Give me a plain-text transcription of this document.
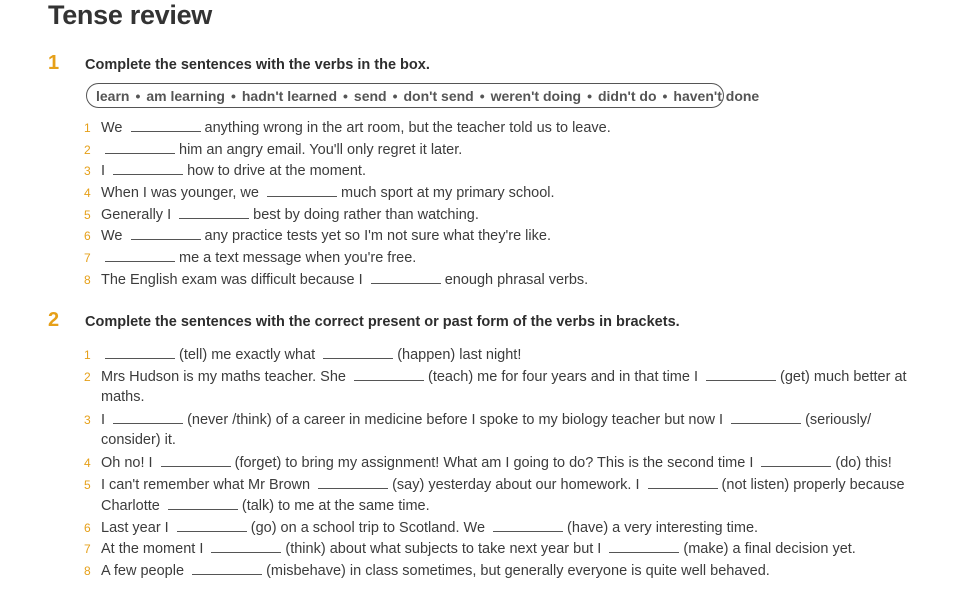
Tense review
1 Complete the sentences with the verbs in the box.
learn • am learning • hadn't learned • send • don't send • weren't doing • didn't do • haven't done
1 We	anything wrong in the art room, but the teacher told us to leave.
2	him an angry email. You'll only regret it later.
3 I	how to drive at the moment.
4 When I was younger, we	much sport at my primary school.
5 Generally I	best by doing rather than watching.
6 We	any practice tests yet so I'm not sure what they're like.
7	me a text message when you're free.
8 The English exam was difficult because I	enough phrasal verbs.
2 Complete the sentences with the correct present or past form of the verbs in brackets.
1	(tell) me exactly what	(happen) last night!
2 Mrs Hudson is my maths teacher. She	(teach) me for four years and in that time I	(get) much better at
maths.
3 I	(never /think) of a career in medicine before I spoke to my biology teacher but now I	(seriously/
consider) it.
4 Oh no! I	(forget) to bring my assignment! What am I going to do? This is the second time I	(do) this!
5 I can't remember what Mr Brown	(say) yesterday about our homework. I	(not listen) properly because
Charlotte	(talk) to me at the same time.
6 Last year I	(go) on a school trip to Scotland. We	(have) a very interesting time.
7 At the moment I	(think) about what subjects to take next year but I	(make) a final decision yet.
8 A few people	(misbehave) in class sometimes, but generally everyone is quite well behaved.
